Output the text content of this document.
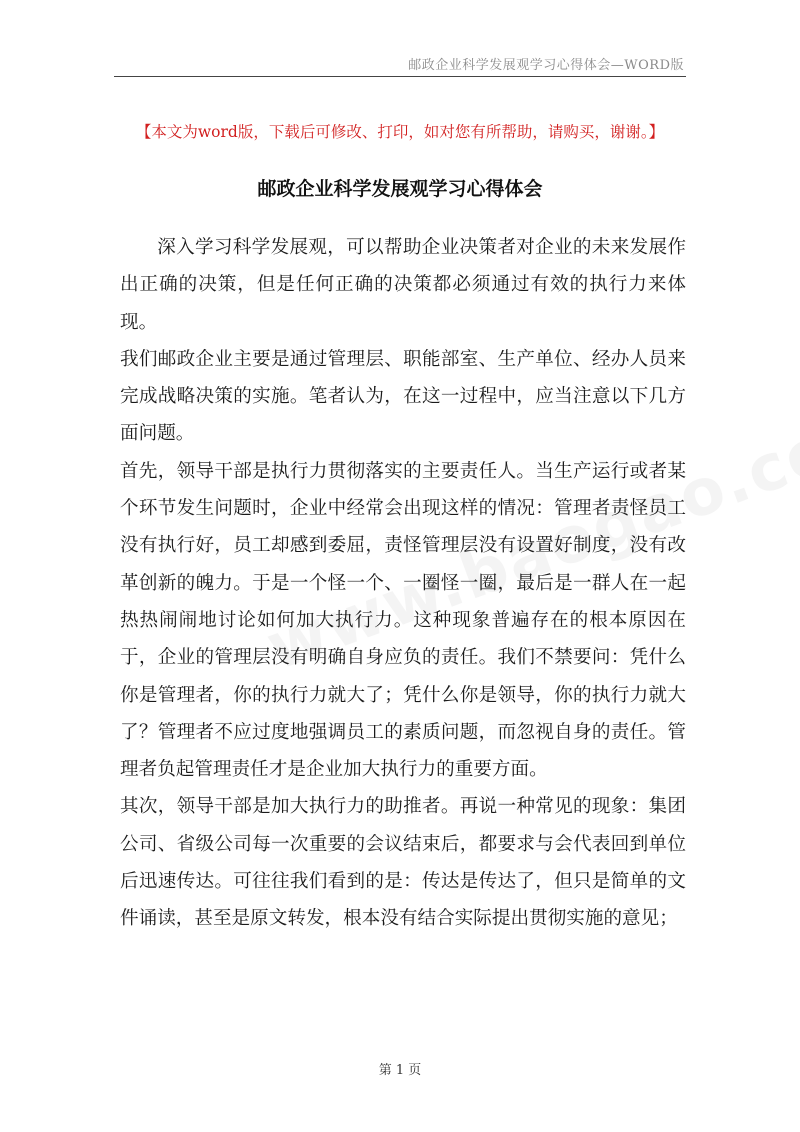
邮政企业科学发展观学习心得体会—WORD版
【本文为word版，下载后可修改、打印，如对您有所帮助，请购买，谢谢。】
邮政企业科学发展观学习心得体会

深入学习科学发展观，可以帮助企业决策者对企业的未来发展作出正确的决策，但是任何正确的决策都必须通过有效的执行力来体现。

我们邮政企业主要是通过管理层、职能部室、生产单位、经办人员来完成战略决策的实施。笔者认为，在这一过程中，应当注意以下几方面问题。

首先，领导干部是执行力贯彻落实的主要责任人。当生产运行或者某个环节发生问题时，企业中经常会出现这样的情况：管理者责怪员工没有执行好，员工却感到委屈，责怪管理层没有设置好制度，没有改革创新的魄力。于是一个怪一个、一圈怪一圈，最后是一群人在一起热热闹闹地讨论如何加大执行力。这种现象普遍存在的根本原因在于，企业的管理层没有明确自身应负的责任。我们不禁要问：凭什么你是管理者，你的执行力就大了；凭什么你是领导，你的执行力就大了？管理者不应过度地强调员工的素质问题，而忽视自身的责任。管理者负起管理责任才是企业加大执行力的重要方面。

其次，领导干部是加大执行力的助推者。再说一种常见的现象：集团公司、省级公司每一次重要的会议结束后，都要求与会代表回到单位后迅速传达。可往往我们看到的是：传达是传达了，但只是简单的文件诵读，甚至是原文转发，根本没有结合实际提出贯彻实施的意见；

第 1 页
